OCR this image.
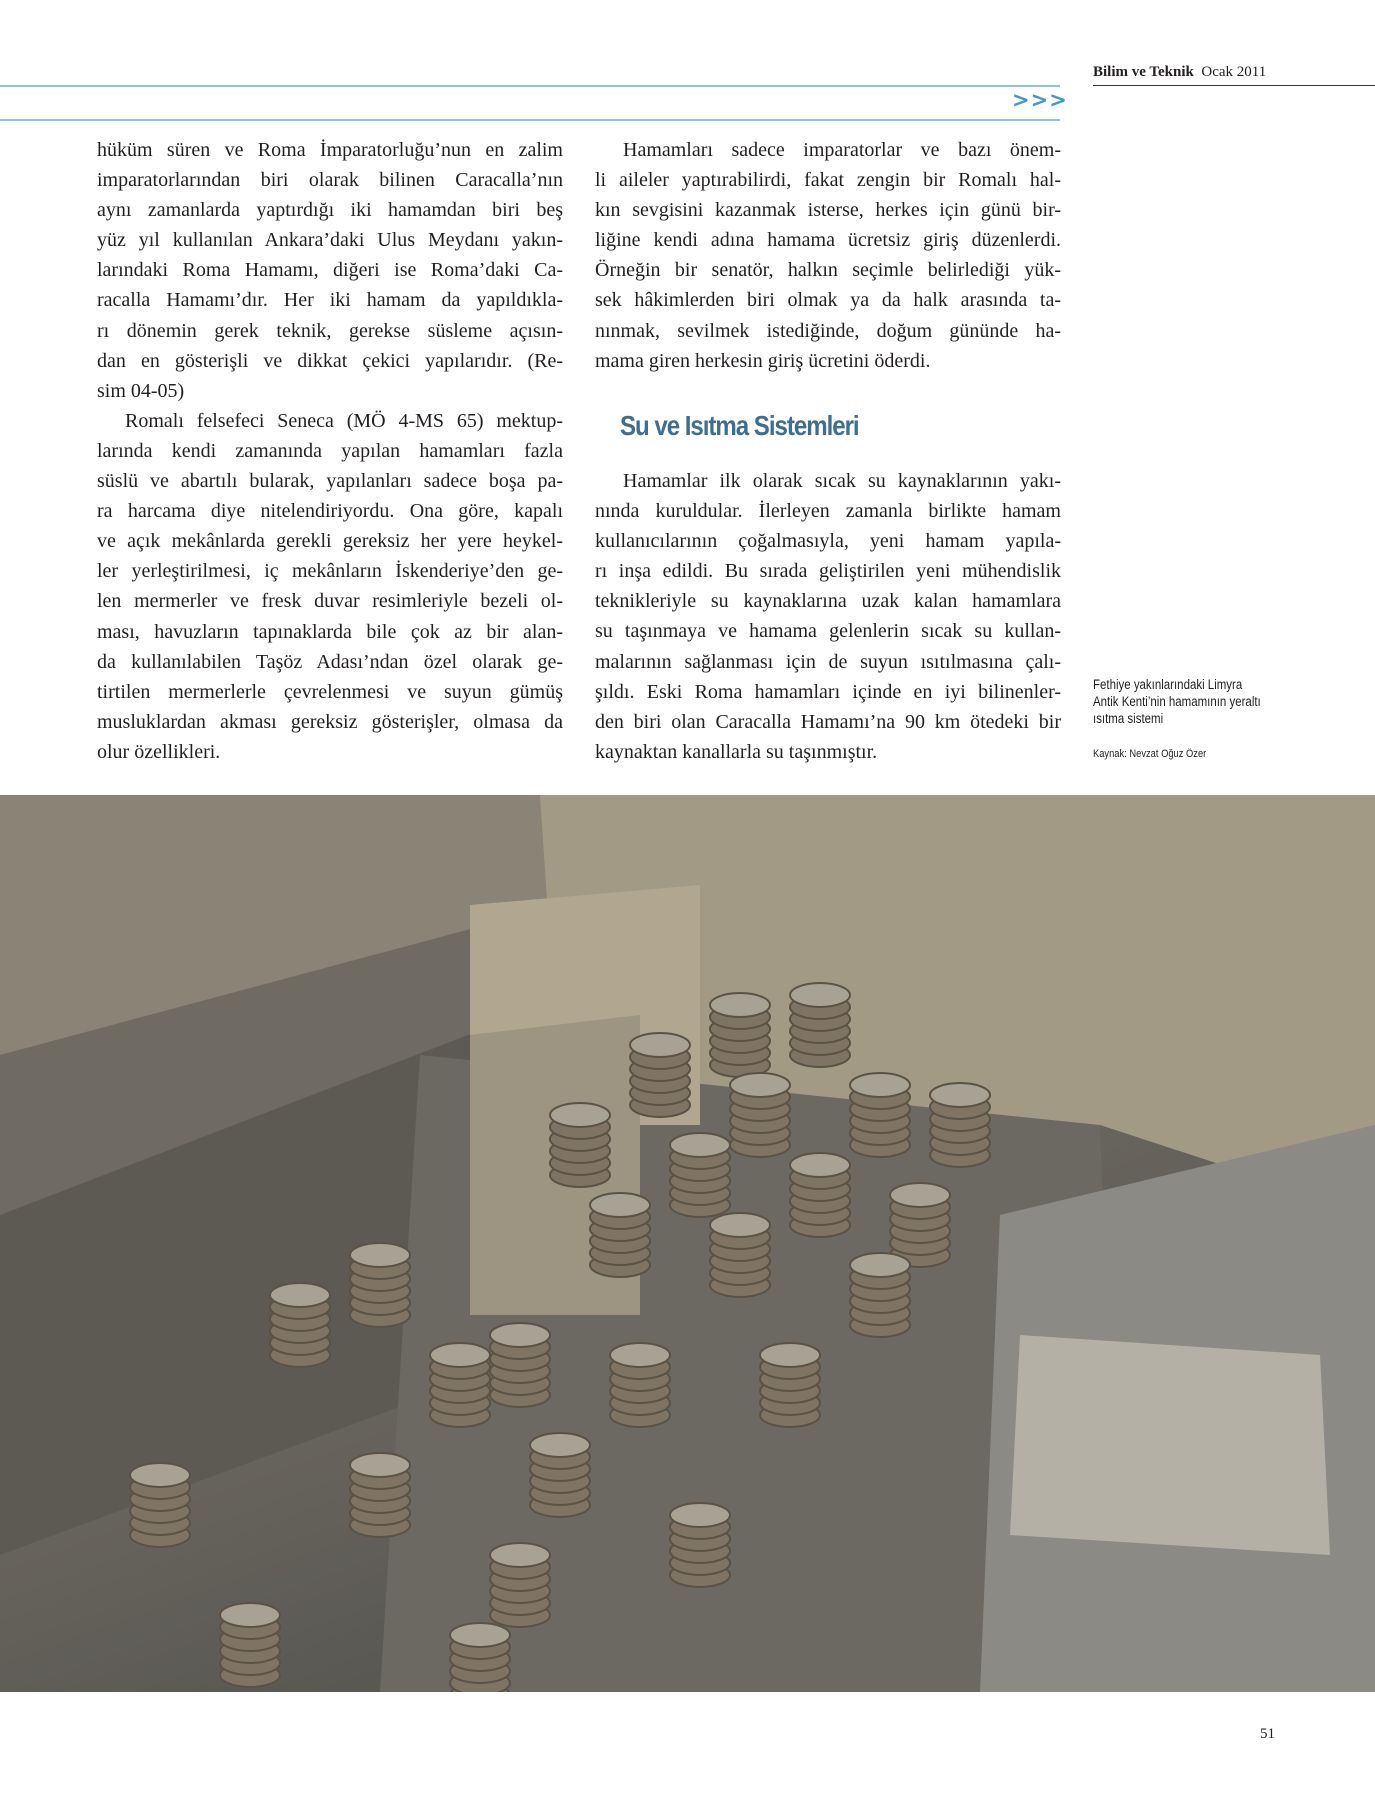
>>>
Bilim ve Teknik Ocak 2011
hüküm süren ve Roma İmparatorluğu’nun en zalim
imparatorlarından biri olarak bilinen Caracalla’nın
aynı zamanlarda yaptırdığı iki hamamdan biri beş
yüz yıl kullanılan Ankara’daki Ulus Meydanı yakın-
larındaki Roma Hamamı, diğeri ise Roma’daki Ca-
racalla Hamamı’dır. Her iki hamam da yapıldıkla-
rı dönemin gerek teknik, gerekse süsleme açısın-
dan en gösterişli ve dikkat çekici yapılarıdır. (Re-
sim 04-05)
Romalı felsefeci Seneca (MÖ 4-MS 65) mektup-
larında kendi zamanında yapılan hamamları fazla
süslü ve abartılı bularak, yapılanları sadece boşa pa-
ra harcama diye nitelendiriyordu. Ona göre, kapalı
ve açık mekânlarda gerekli gereksiz her yere heykel-
ler yerleştirilmesi, iç mekânların İskenderiye’den ge-
len mermerler ve fresk duvar resimleriyle bezeli ol-
ması, havuzların tapınaklarda bile çok az bir alan-
da kullanılabilen Taşöz Adası’ndan özel olarak ge-
tirtilen mermerlerle çevrelenmesi ve suyun gümüş
musluklardan akması gereksiz gösterişler, olmasa da
olur özellikleri.
Hamamları sadece imparatorlar ve bazı önem-
li aileler yaptırabilirdi, fakat zengin bir Romalı hal-
kın sevgisini kazanmak isterse, herkes için günü bir-
liğine kendi adına hamama ücretsiz giriş düzenlerdi.
Örneğin bir senatör, halkın seçimle belirlediği yük-
sek hâkimlerden biri olmak ya da halk arasında ta-
nınmak, sevilmek istediğinde, doğum gününde ha-
mama giren herkesin giriş ücretini öderdi.
Su ve Isıtma Sistemleri
Hamamlar ilk olarak sıcak su kaynaklarının yakı-
nında kuruldular. İlerleyen zamanla birlikte hamam
kullanıcılarının çoğalmasıyla, yeni hamam yapıla-
rı inşa edildi. Bu sırada geliştirilen yeni mühendislik
teknikleriyle su kaynaklarına uzak kalan hamamlara
su taşınmaya ve hamama gelenlerin sıcak su kullan-
malarının sağlanması için de suyun ısıtılmasına çalı-
şıldı. Eski Roma hamamları içinde en iyi bilinenler-
den biri olan Caracalla Hamamı’na 90 km ötedeki bir
kaynaktan kanallarla su taşınmıştır.
Fethiye yakınlarındaki Limyra
Antik Kenti’nin hamamının yeraltı
ısıtma sistemi
Kaynak: Nevzat Oğuz Özer
51
